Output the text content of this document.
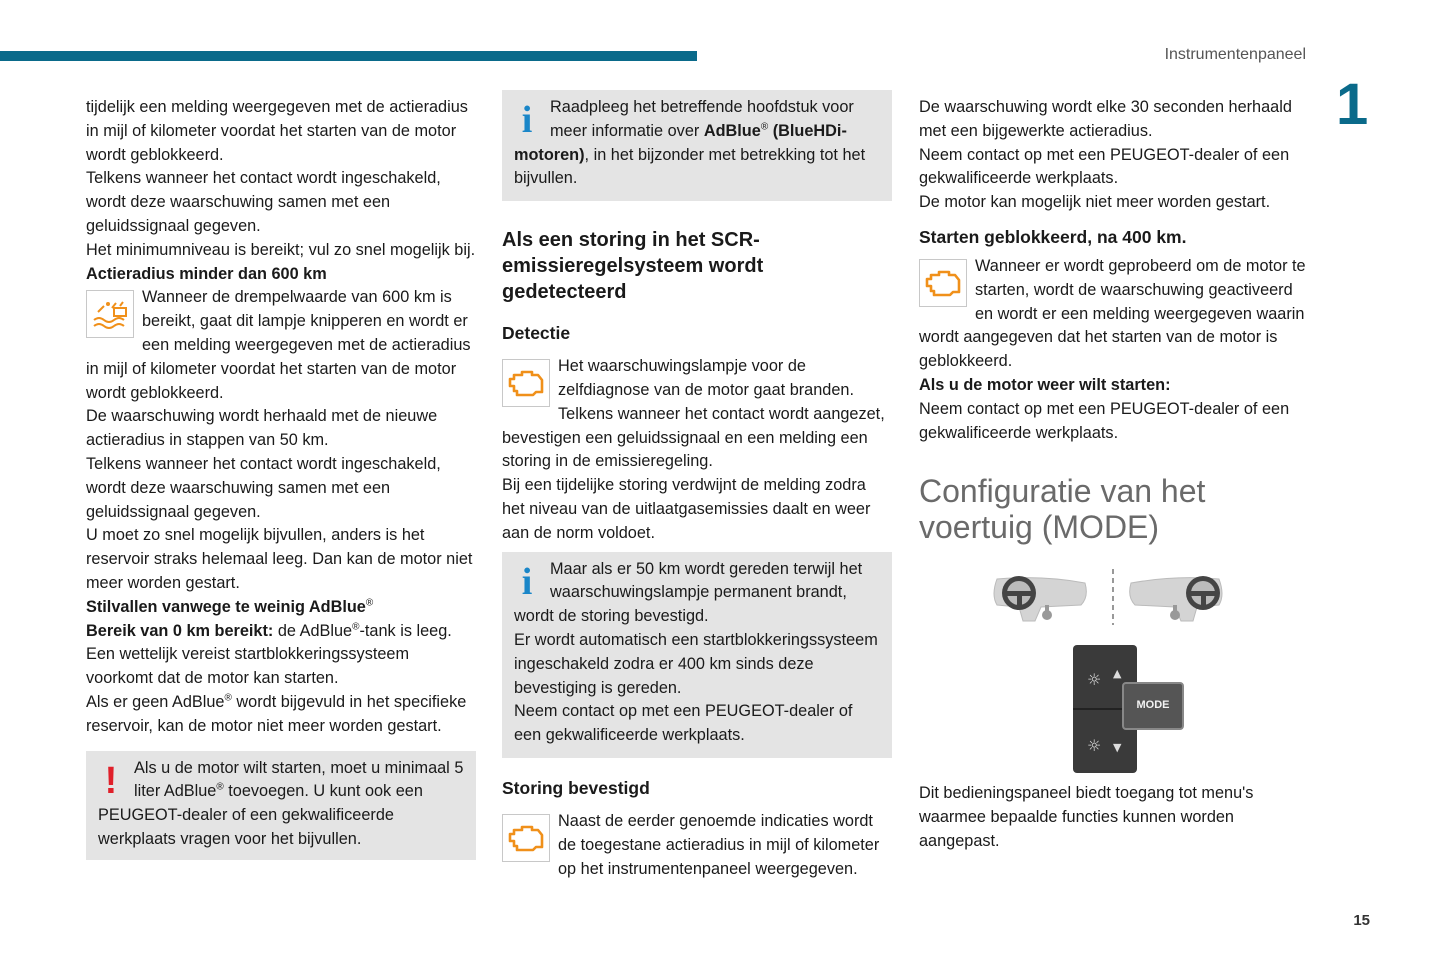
Instrumentenpaneel
1
15

tijdelijk een melding weergegeven met de actieradius in mijl of kilometer voordat het starten van de motor wordt geblokkeerd.

Telkens wanneer het contact wordt ingeschakeld, wordt deze waarschuwing samen met een geluidssignaal gegeven.

Het minimumniveau is bereikt; vul zo snel mogelijk bij.

Actieradius minder dan 600 km

Wanneer de drempelwaarde van 600 km is bereikt, gaat dit lampje knipperen en wordt er een melding weergegeven met de actieradius in mijl of kilometer voordat het starten van de motor wordt geblokkeerd.

De waarschuwing wordt herhaald met de nieuwe actieradius in stappen van 50 km.

Telkens wanneer het contact wordt ingeschakeld, wordt deze waarschuwing samen met een geluidssignaal gegeven.

U moet zo snel mogelijk bijvullen, anders is het reservoir straks helemaal leeg. Dan kan de motor niet meer worden gestart.

Stilvallen vanwege te weinig AdBlue®

Bereik van 0 km bereikt: de AdBlue®-tank is leeg. Een wettelijk vereist startblokkeringssysteem voorkomt dat de motor kan starten.

Als er geen AdBlue® wordt bijgevuld in het specifieke reservoir, kan de motor niet meer worden gestart.

!	Als u de motor wilt starten, moet u minimaal 5 liter AdBlue® toevoegen. U kunt ook een PEUGEOT-dealer of een gekwalificeerde werkplaats vragen voor het bijvullen.
i	Raadpleeg het betreffende hoofdstuk voor meer informatie over AdBlue® (BlueHDi-motoren), in het bijzonder met betrekking tot het bijvullen.
Als een storing in het SCR-emissieregelsysteem wordt gedetecteerd
Detectie

Het waarschuwingslampje voor de zelfdiagnose van de motor gaat branden.

Telkens wanneer het contact wordt aangezet, bevestigen een geluidssignaal en een melding een storing in de emissieregeling.

Bij een tijdelijke storing verdwijnt de melding zodra het niveau van de uitlaatgasemissies daalt en weer aan de norm voldoet.

i	Maar als er 50 km wordt gereden terwijl het waarschuwingslampje permanent brandt, wordt de storing bevestigd.

Er wordt automatisch een startblokkeringssysteem ingeschakeld zodra er 400 km sinds deze bevestiging is gereden.

Neem contact op met een PEUGEOT-dealer of een gekwalificeerde werkplaats.

Storing bevestigd

Naast de eerder genoemde indicaties wordt de toegestane actieradius in mijl of kilometer op het instrumentenpaneel weergegeven.

De waarschuwing wordt elke 30 seconden herhaald met een bijgewerkte actieradius.

Neem contact op met een PEUGEOT-dealer of een gekwalificeerde werkplaats.

De motor kan mogelijk niet meer worden gestart.

Starten geblokkeerd, na 400 km.

Wanneer er wordt geprobeerd om de motor te starten, wordt de waarschuwing geactiveerd en wordt er een melding weergegeven waarin wordt aangegeven dat het starten van de motor is geblokkeerd.

Als u de motor weer wilt starten:

Neem contact op met een PEUGEOT-dealer of een gekwalificeerde werkplaats.

Configuratie van het voertuig (MODE)
☼ ▲
☼ ▼
MODE

Dit bedieningspaneel biedt toegang tot menu's waarmee bepaalde functies kunnen worden aangepast.
